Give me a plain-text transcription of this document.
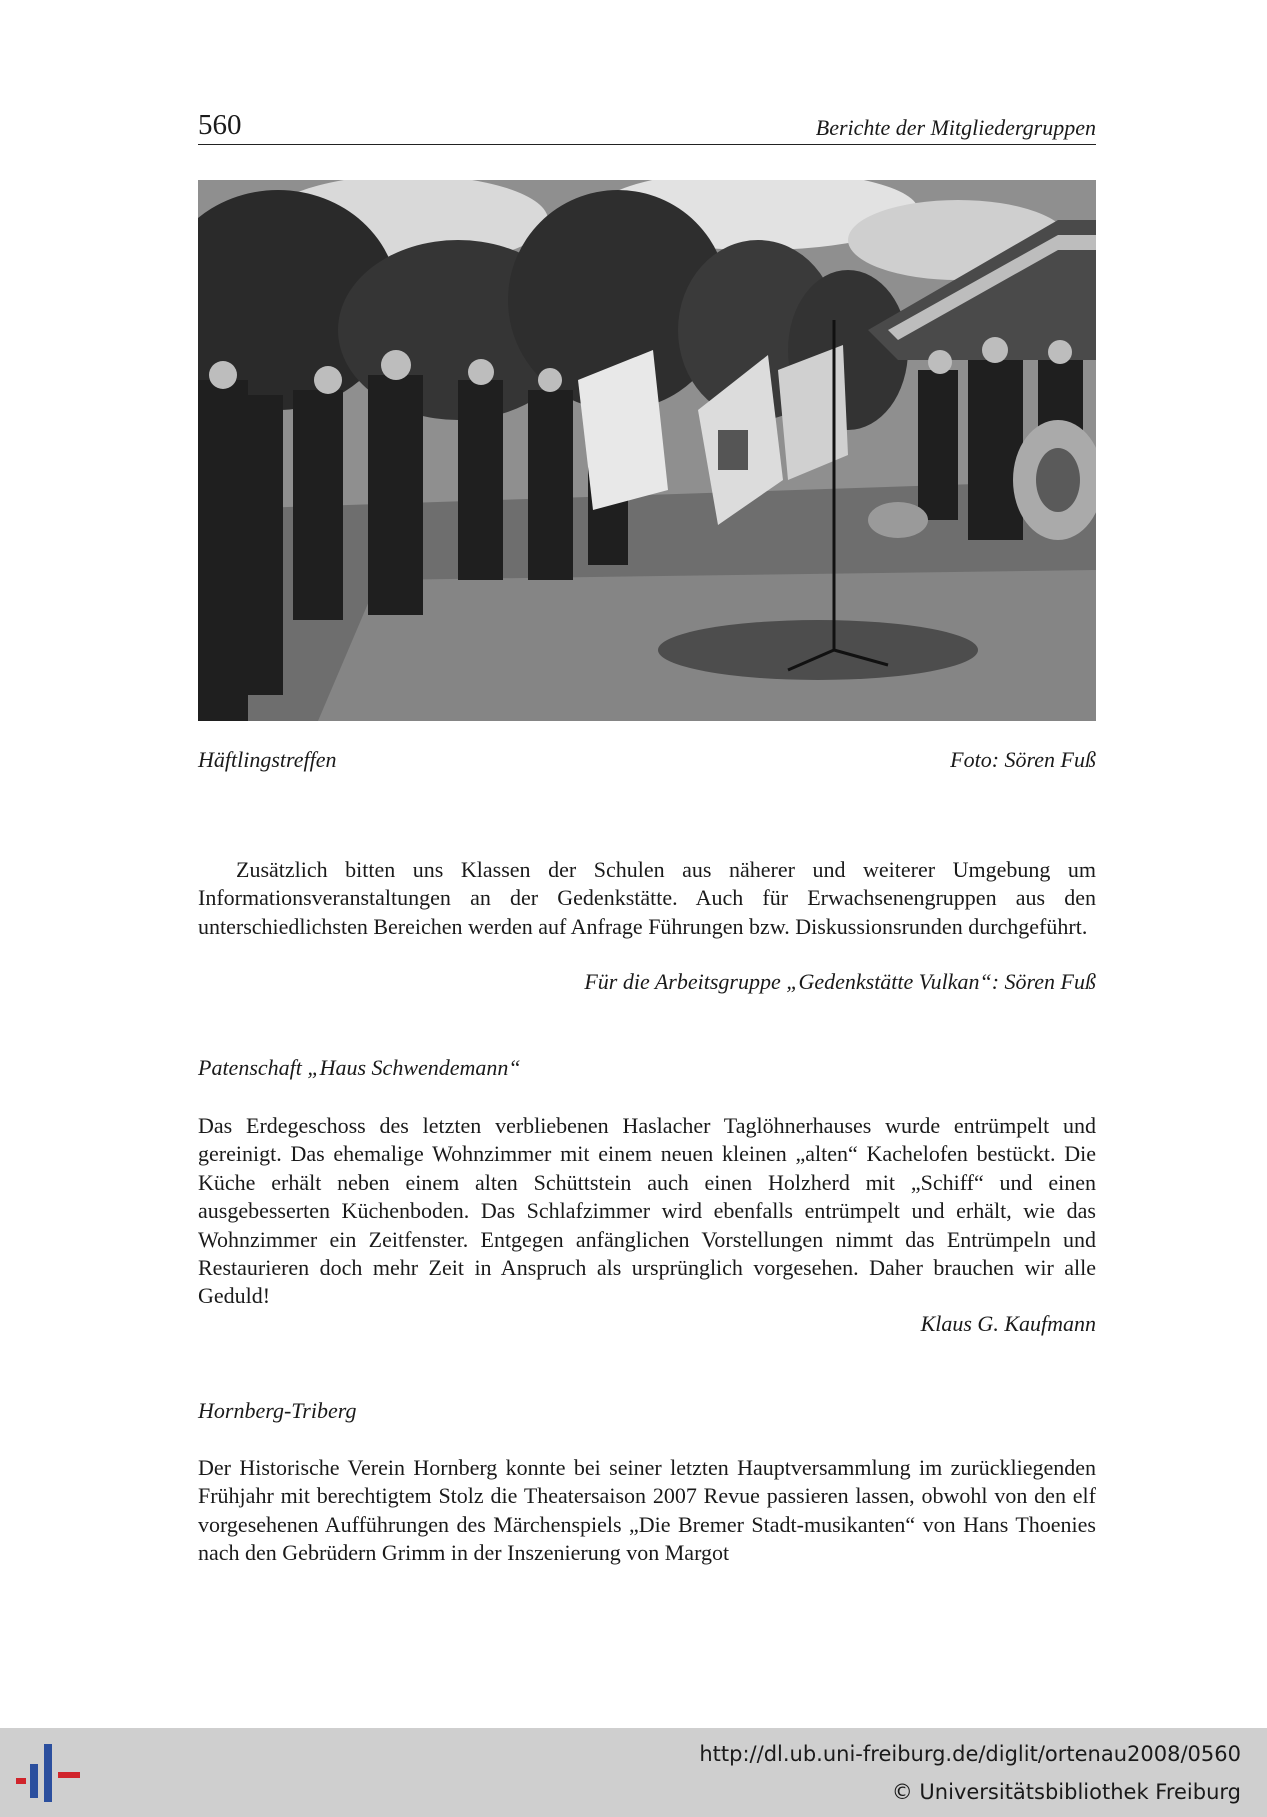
560	Berichte der Mitgliedergruppen
Häftlingstreffen	Foto: Sören Fuß

Zusätzlich bitten uns Klassen der Schulen aus näherer und weiterer Umgebung um Informationsveranstaltungen an der Gedenkstätte. Auch für Erwachsenengruppen aus den unterschiedlichsten Bereichen werden auf Anfrage Führungen bzw. Diskussionsrunden durchgeführt.

Für die Arbeitsgruppe „Gedenkstätte Vulkan“: Sören Fuß
Patenschaft „Haus Schwendemann“

Das Erdegeschoss des letzten verbliebenen Haslacher Taglöhnerhauses wurde entrümpelt und gereinigt. Das ehemalige Wohnzimmer mit einem neuen kleinen „alten“ Kachelofen bestückt. Die Küche erhält neben einem alten Schüttstein auch einen Holzherd mit „Schiff“ und einen ausgebesserten Küchenboden. Das Schlafzimmer wird ebenfalls entrümpelt und erhält, wie das Wohnzimmer ein Zeitfenster. Entgegen anfänglichen Vorstellungen nimmt das Entrümpeln und Restaurieren doch mehr Zeit in Anspruch als ursprünglich vorgesehen. Daher brauchen wir alle Geduld!

Klaus G. Kaufmann
Hornberg-Triberg

Der Historische Verein Hornberg konnte bei seiner letzten Hauptversammlung im zurückliegenden Frühjahr mit berechtigtem Stolz die Theatersaison 2007 Revue passieren lassen, obwohl von den elf vorgesehenen Aufführungen des Märchenspiels „Die Bremer Stadt-musikanten“ von Hans Thoenies nach den Gebrüdern Grimm in der Inszenierung von Margot

http://dl.ub.uni-freiburg.de/diglit/ortenau2008/0560
© Universitätsbibliothek Freiburg
